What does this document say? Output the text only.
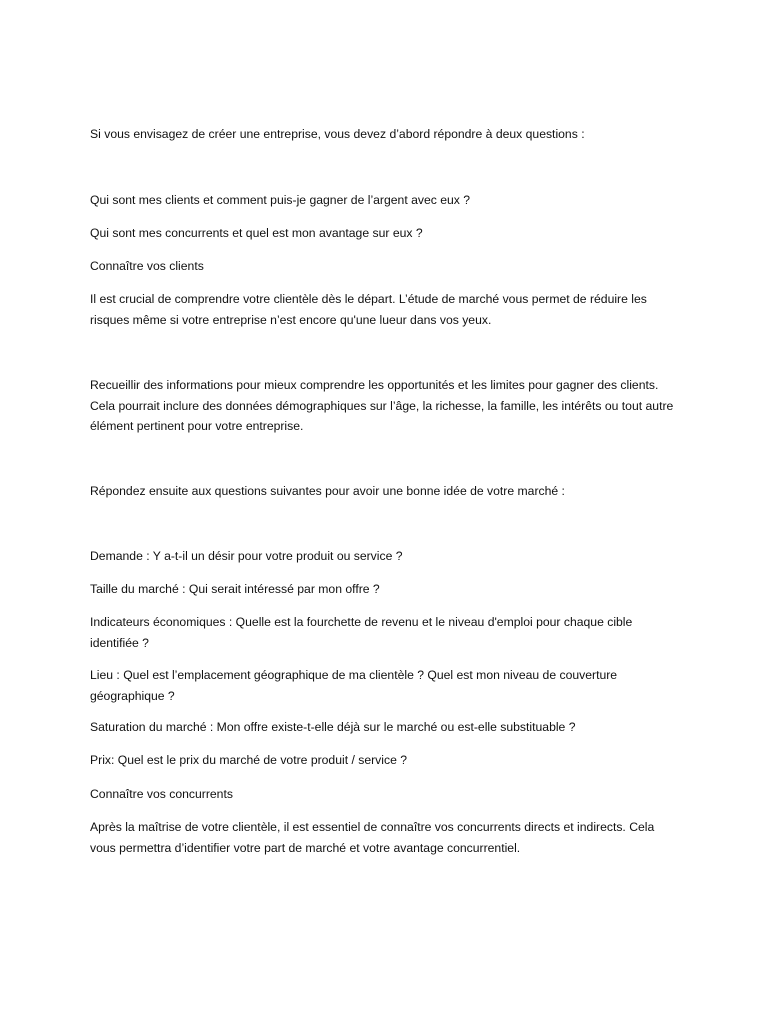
Si vous envisagez de créer une entreprise, vous devez d’abord répondre à deux questions :

Qui sont mes clients et comment puis-je gagner de l’argent avec eux ?

Qui sont mes concurrents et quel est mon avantage sur eux ?

Connaître vos clients

Il est crucial de comprendre votre clientèle dès le départ. L’étude de marché vous permet de réduire les risques même si votre entreprise n’est encore qu'une lueur dans vos yeux.

Recueillir des informations pour mieux comprendre les opportunités et les limites pour gagner des clients. Cela pourrait inclure des données démographiques sur l’âge, la richesse, la famille, les intérêts ou tout autre élément pertinent pour votre entreprise.

Répondez ensuite aux questions suivantes pour avoir une bonne idée de votre marché :

Demande : Y a-t-il un désir pour votre produit ou service ?

Taille du marché : Qui serait intéressé par mon offre ?

Indicateurs économiques : Quelle est la fourchette de revenu et le niveau d'emploi pour chaque cible identifiée ?

Lieu : Quel est l’emplacement géographique de ma clientèle ? Quel est mon niveau de couverture géographique ?

Saturation du marché : Mon offre existe-t-elle déjà sur le marché ou est-elle substituable ?

Prix: Quel est le prix du marché de votre produit / service ?

Connaître vos concurrents

Après la maîtrise de votre clientèle, il est essentiel de connaître vos concurrents directs et indirects. Cela vous permettra d’identifier votre part de marché et votre avantage concurrentiel.
